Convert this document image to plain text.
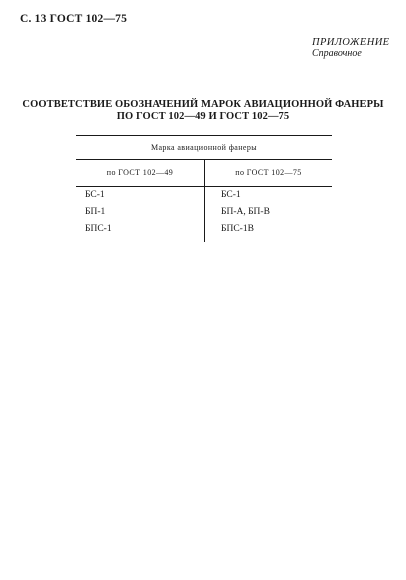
С. 13 ГОСТ 102—75
ПРИЛОЖЕНИЕ
Справочное
СООТВЕТСТВИЕ ОБОЗНАЧЕНИЙ МАРОК АВИАЦИОННОЙ ФАНЕРЫ
ПО ГОСТ 102—49 И ГОСТ 102—75
Марка авиационной фанеры
по ГОСТ 102—49	по ГОСТ 102—75
БС-1	БС-1
БП-1	БП-А, БП-В
БПС-1	БПС-1В
